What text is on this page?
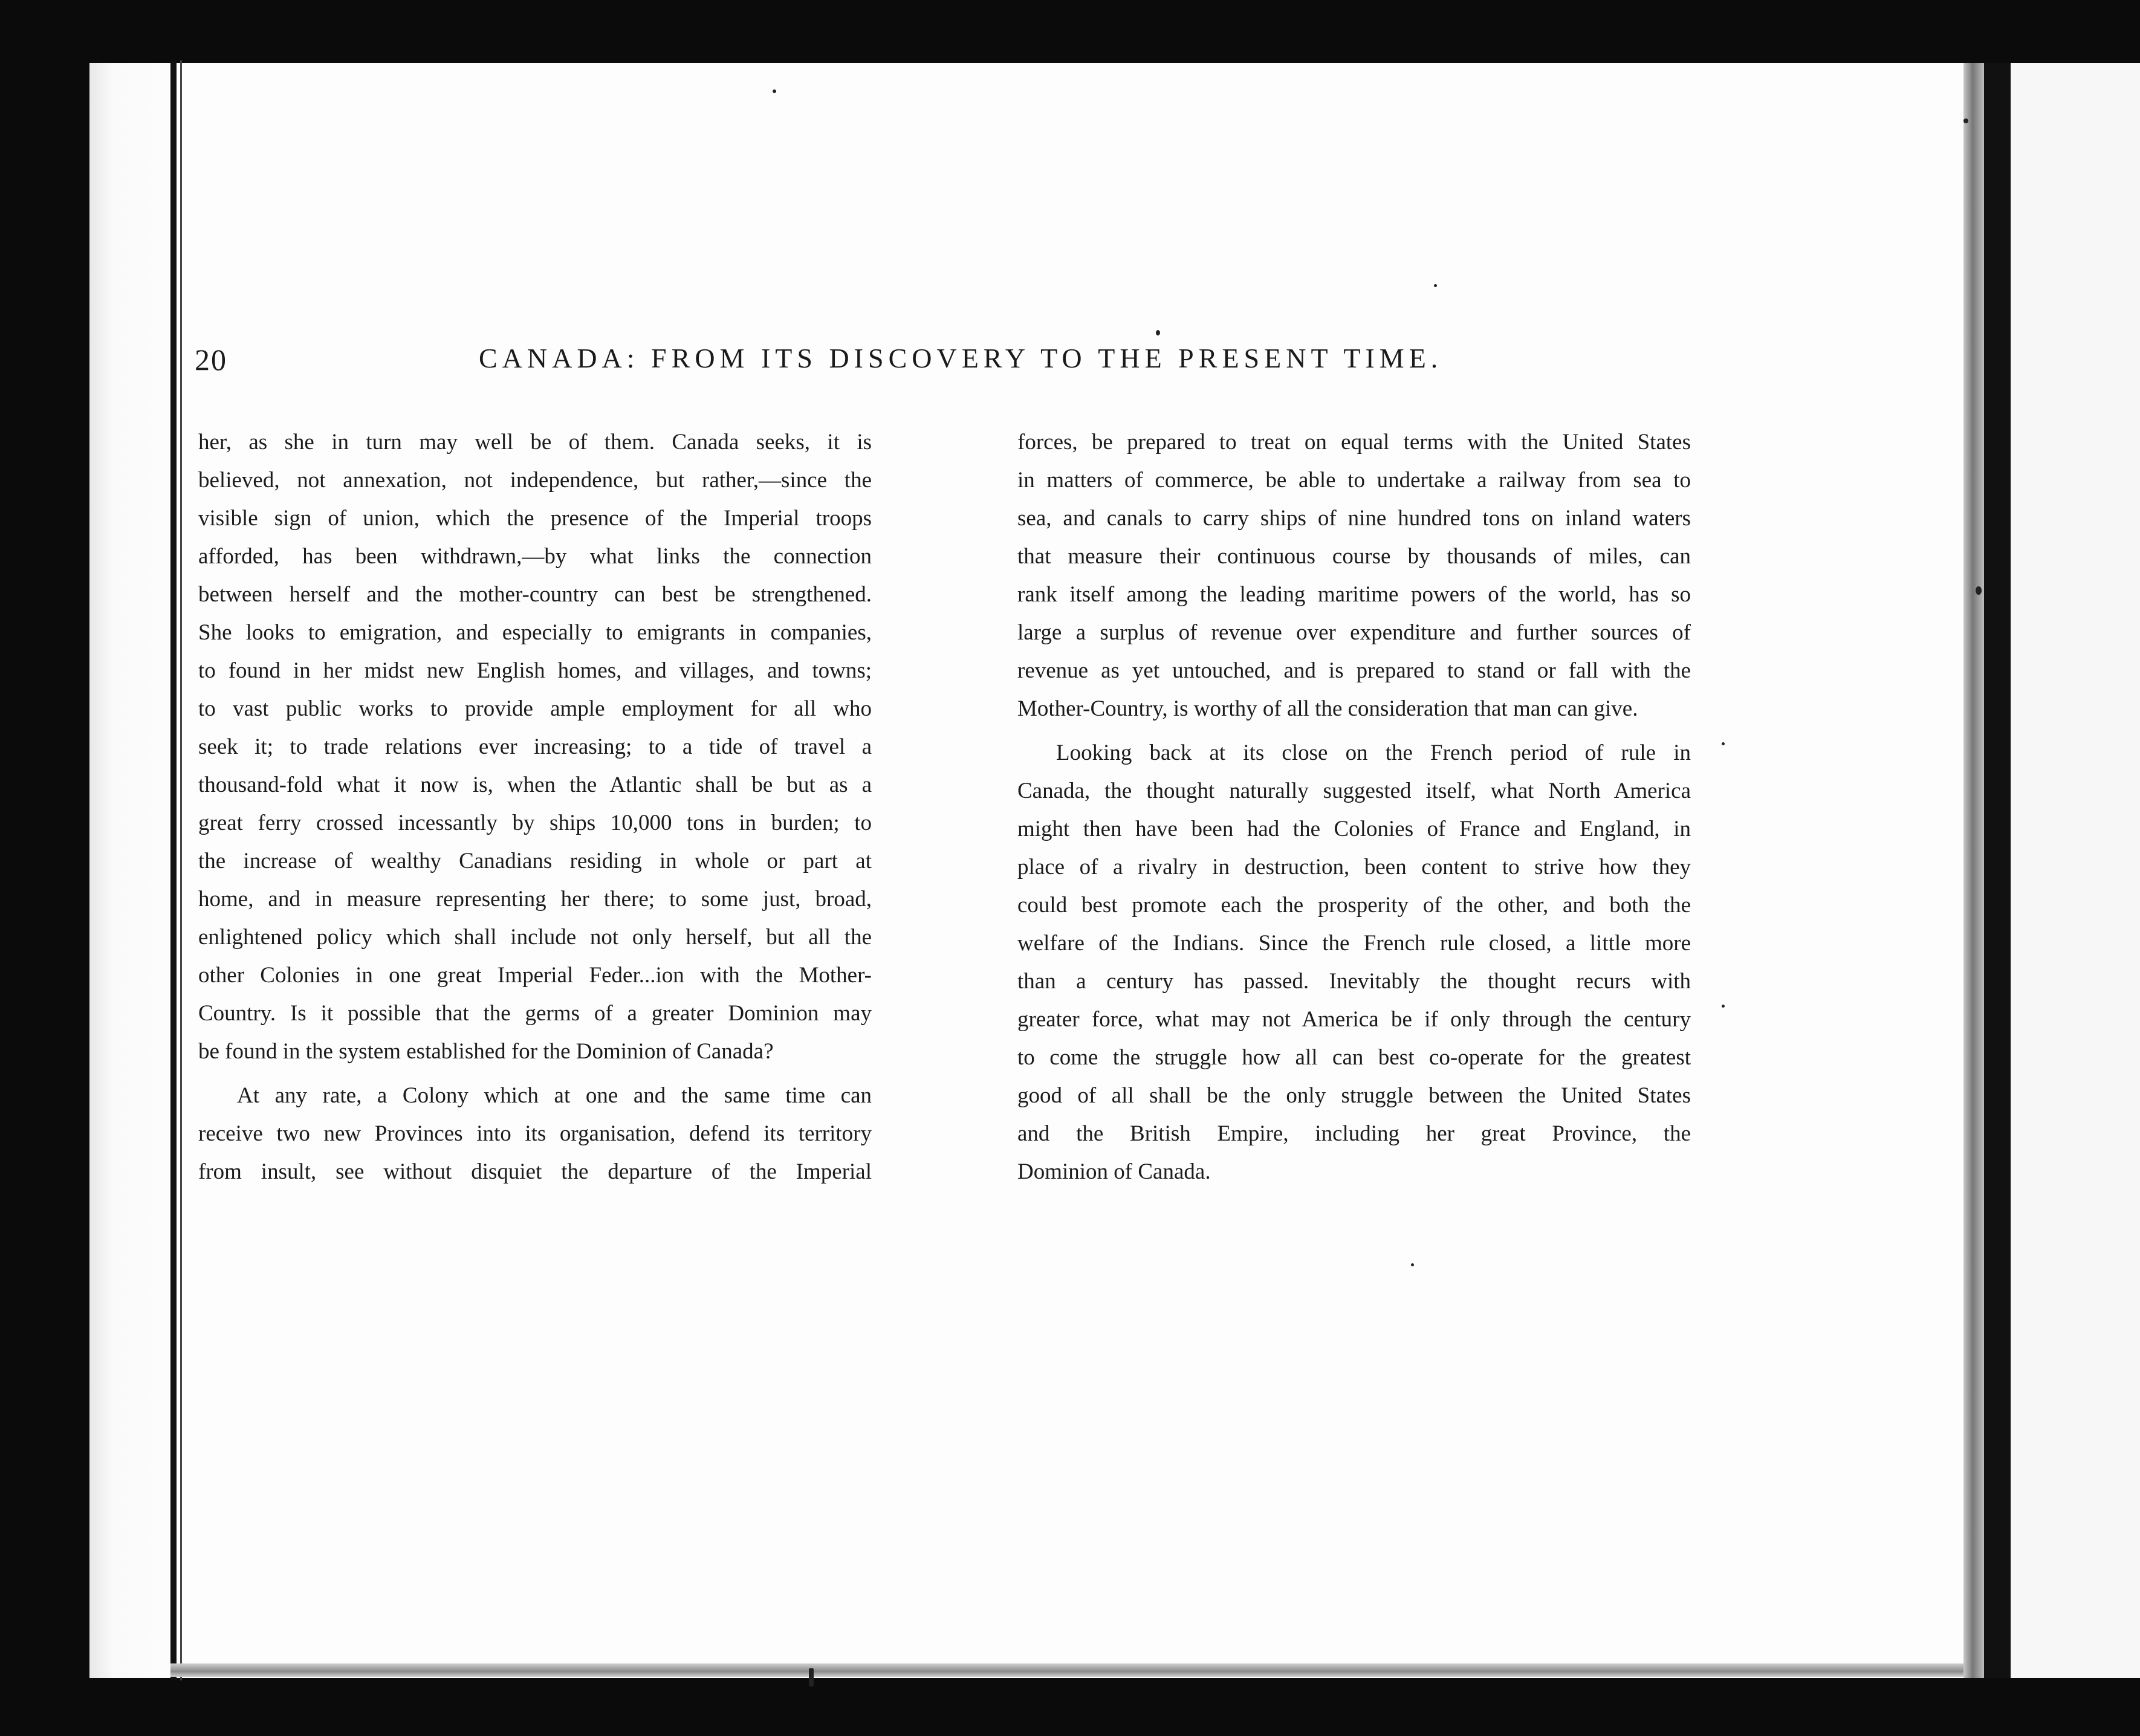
20	CANADA: FROM ITS DISCOVERY TO THE PRESENT TIME.
her, as she in turn may well be of them. Canada seeks, it is
believed, not annexation, not independence, but rather,—since the
visible sign of union, which the presence of the Imperial troops
afforded, has been withdrawn,—by what links the connection
between herself and the mother-country can best be strengthened.
She looks to emigration, and especially to emigrants in companies,
to found in her midst new English homes, and villages, and towns;
to vast public works to provide ample employment for all who
seek it; to trade relations ever increasing; to a tide of travel a
thousand-fold what it now is, when the Atlantic shall be but as a
great ferry crossed incessantly by ships 10,000 tons in burden; to
the increase of wealthy Canadians residing in whole or part at
home, and in measure representing her there; to some just, broad,
enlightened policy which shall include not only herself, but all the
other Colonies in one great Imperial Feder...ion with the Mother-
Country. Is it possible that the germs of a greater Dominion may
be found in the system established for the Dominion of Canada?
At any rate, a Colony which at one and the same time can
receive two new Provinces into its organisation, defend its territory
from insult, see without disquiet the departure of the Imperial
forces, be prepared to treat on equal terms with the United States
in matters of commerce, be able to undertake a railway from sea to
sea, and canals to carry ships of nine hundred tons on inland waters
that measure their continuous course by thousands of miles, can
rank itself among the leading maritime powers of the world, has so
large a surplus of revenue over expenditure and further sources of
revenue as yet untouched, and is prepared to stand or fall with the
Mother-Country, is worthy of all the consideration that man can give.
Looking back at its close on the French period of rule in
Canada, the thought naturally suggested itself, what North America
might then have been had the Colonies of France and England, in
place of a rivalry in destruction, been content to strive how they
could best promote each the prosperity of the other, and both the
welfare of the Indians. Since the French rule closed, a little more
than a century has passed. Inevitably the thought recurs with
greater force, what may not America be if only through the century
to come the struggle how all can best co-operate for the greatest
good of all shall be the only struggle between the United States
and the British Empire, including her great Province, the
Dominion of Canada.
